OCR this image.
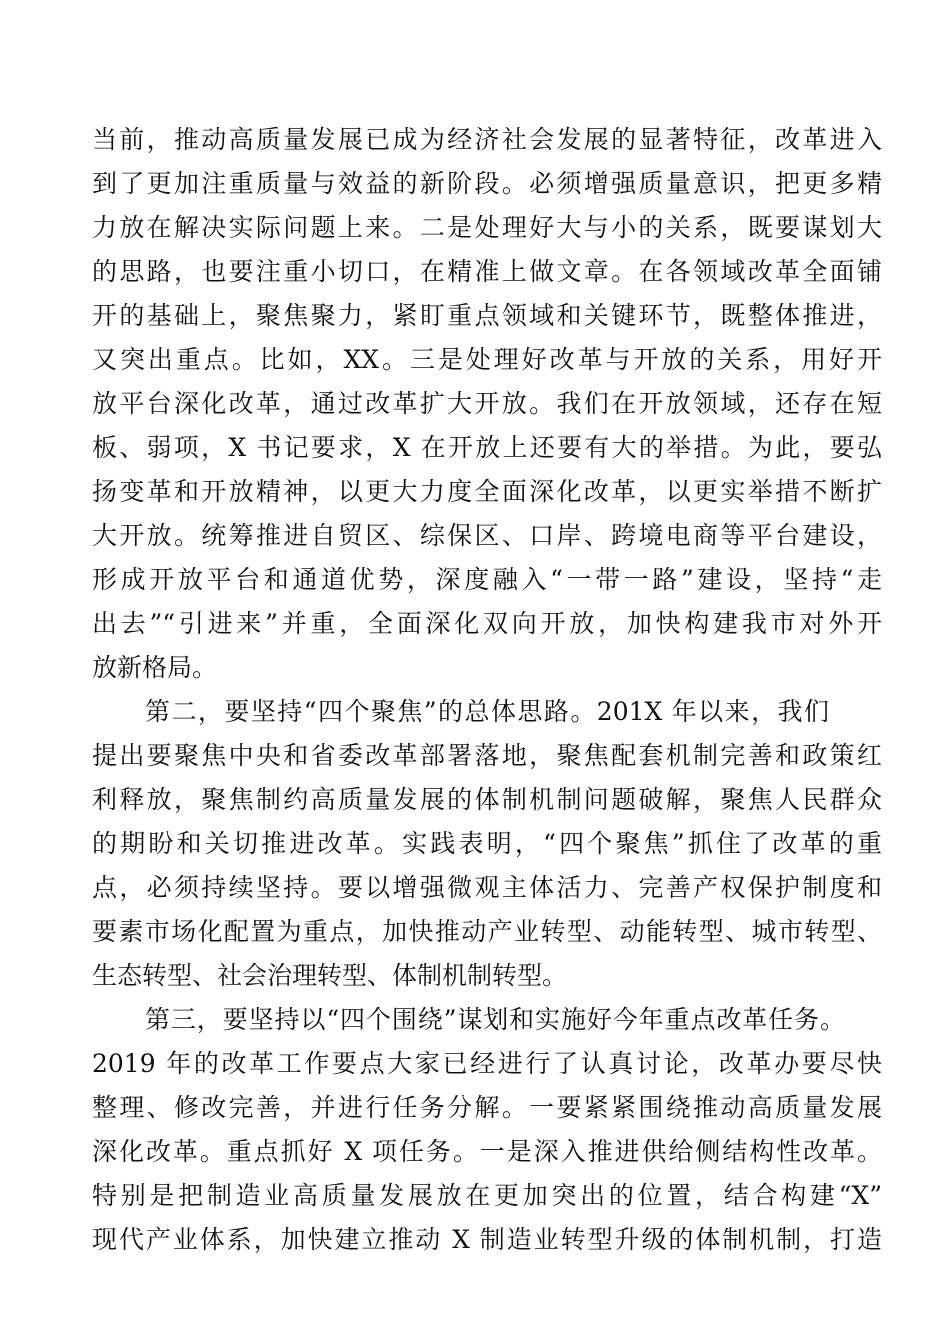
当前，推动高质量发展已成为经济社会发展的显著特征，改革进入
到了更加注重质量与效益的新阶段。必须增强质量意识，把更多精
力放在解决实际问题上来。二是处理好大与小的关系，既要谋划大
的思路，也要注重小切口，在精准上做文章。在各领域改革全面铺
开的基础上，聚焦聚力，紧盯重点领域和关键环节，既整体推进，
又突出重点。比如，XX。三是处理好改革与开放的关系，用好开
放平台深化改革，通过改革扩大开放。我们在开放领域，还存在短
板、弱项，X 书记要求，X 在开放上还要有大的举措。为此，要弘
扬变革和开放精神，以更大力度全面深化改革，以更实举措不断扩
大开放。统筹推进自贸区、综保区、口岸、跨境电商等平台建设，
形成开放平台和通道优势，深度融入“一带一路”建设，坚持“走
出去”“引进来”并重，全面深化双向开放，加快构建我市对外开
放新格局。
第二，要坚持“四个聚焦”的总体思路。201X 年以来，我们
提出要聚焦中央和省委改革部署落地，聚焦配套机制完善和政策红
利释放，聚焦制约高质量发展的体制机制问题破解，聚焦人民群众
的期盼和关切推进改革。实践表明，“四个聚焦”抓住了改革的重
点，必须持续坚持。要以增强微观主体活力、完善产权保护制度和
要素市场化配置为重点，加快推动产业转型、动能转型、城市转型、
生态转型、社会治理转型、体制机制转型。
第三，要坚持以“四个围绕”谋划和实施好今年重点改革任务。
2019 年的改革工作要点大家已经进行了认真讨论，改革办要尽快
整理、修改完善，并进行任务分解。一要紧紧围绕推动高质量发展
深化改革。重点抓好 X 项任务。一是深入推进供给侧结构性改革。
特别是把制造业高质量发展放在更加突出的位置，结合构建“X”
现代产业体系，加快建立推动 X 制造业转型升级的体制机制，打造
